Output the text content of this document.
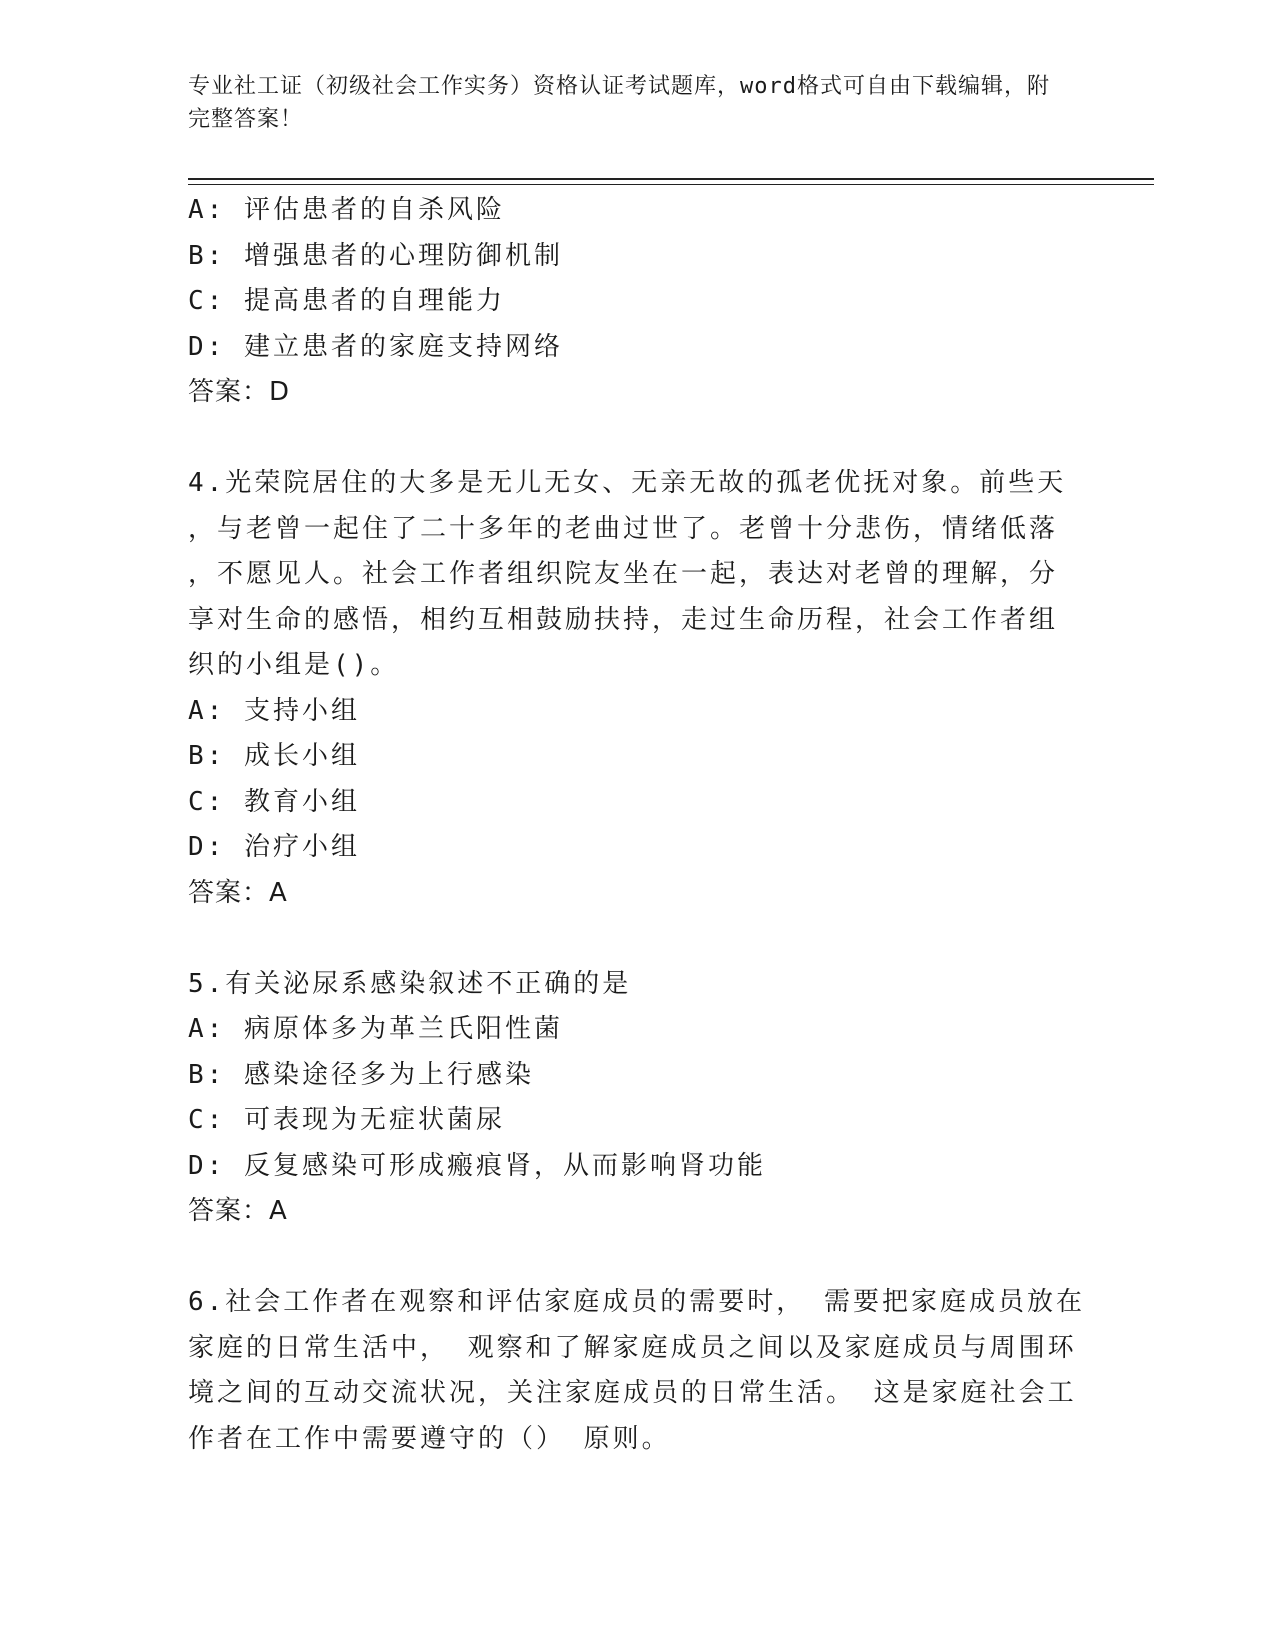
专业社工证（初级社会工作实务）资格认证考试题库，word格式可自由下载编辑，附完整答案！

A: 评估患者的自杀风险

B: 增强患者的心理防御机制

C: 提高患者的自理能力

D: 建立患者的家庭支持网络

答案：D

4.光荣院居住的大多是无儿无女、无亲无故的孤老优抚对象。前些天

，与老曾一起住了二十多年的老曲过世了。老曾十分悲伤，情绪低落

，不愿见人。社会工作者组织院友坐在一起，表达对老曾的理解，分

享对生命的感悟，相约互相鼓励扶持，走过生命历程，社会工作者组

织的小组是()。

A: 支持小组

B: 成长小组

C: 教育小组

D: 治疗小组

答案：A

5.有关泌尿系感染叙述不正确的是

A: 病原体多为革兰氏阳性菌

B: 感染途径多为上行感染

C: 可表现为无症状菌尿

D: 反复感染可形成瘢痕肾，从而影响肾功能

答案：A

6.社会工作者在观察和评估家庭成员的需要时， 需要把家庭成员放在

家庭的日常生活中， 观察和了解家庭成员之间以及家庭成员与周围环

境之间的互动交流状况，关注家庭成员的日常生活。 这是家庭社会工

作者在工作中需要遵守的（） 原则。
